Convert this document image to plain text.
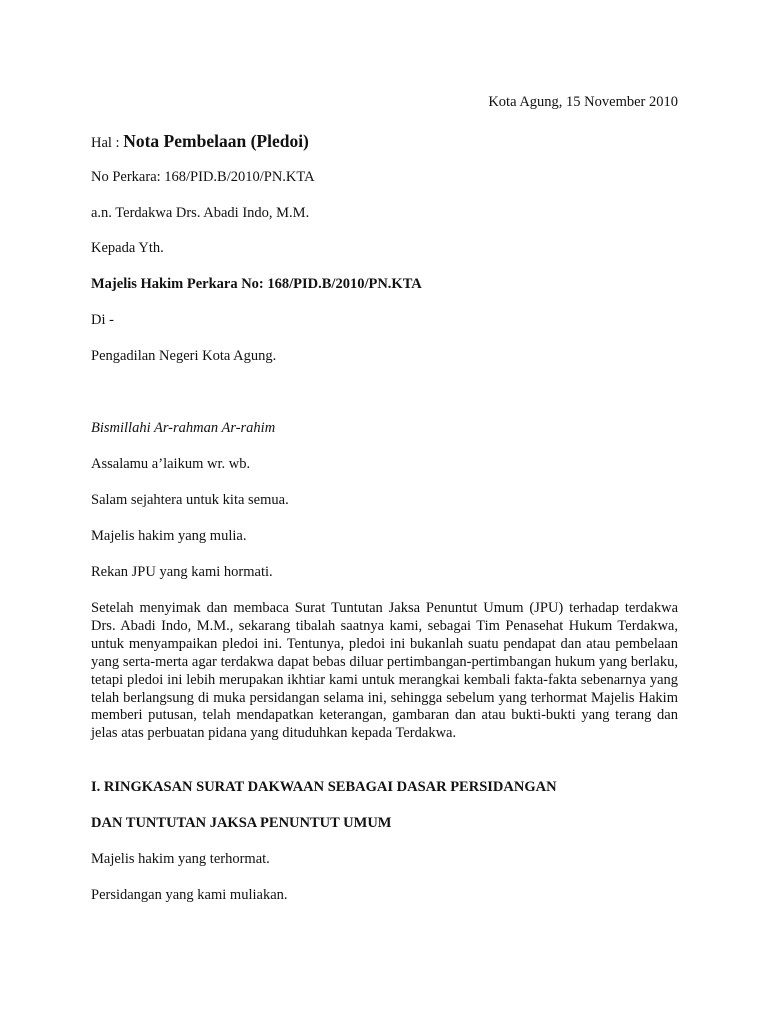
Kota Agung, 15 November 2010

Hal : Nota Pembelaan (Pledoi)

No Perkara: 168/PID.B/2010/PN.KTA

a.n. Terdakwa Drs. Abadi Indo, M.M.

Kepada Yth.

Majelis Hakim Perkara No: 168/PID.B/2010/PN.KTA

Di -

Pengadilan Negeri Kota Agung.

Bismillahi Ar-rahman Ar-rahim

Assalamu a’laikum wr. wb.

Salam sejahtera untuk kita semua.

Majelis hakim yang mulia.

Rekan JPU yang kami hormati.

Setelah menyimak dan membaca Surat Tuntutan Jaksa Penuntut Umum (JPU) terhadap terdakwa Drs. Abadi Indo, M.M., sekarang tibalah saatnya kami, sebagai Tim Penasehat Hukum Terdakwa, untuk menyampaikan pledoi ini. Tentunya, pledoi ini bukanlah suatu pendapat dan atau pembelaan yang serta-merta agar terdakwa dapat bebas diluar pertimbangan-pertimbangan hukum yang berlaku, tetapi pledoi ini lebih merupakan ikhtiar kami untuk merangkai kembali fakta-fakta sebenarnya yang telah berlangsung di muka persidangan selama ini, sehingga sebelum yang terhormat Majelis Hakim memberi putusan, telah mendapatkan keterangan, gambaran dan atau bukti-bukti yang terang dan jelas atas perbuatan pidana yang dituduhkan kepada Terdakwa.

I. RINGKASAN SURAT DAKWAAN SEBAGAI DASAR PERSIDANGAN

DAN TUNTUTAN JAKSA PENUNTUT UMUM

Majelis hakim yang terhormat.

Persidangan yang kami muliakan.
